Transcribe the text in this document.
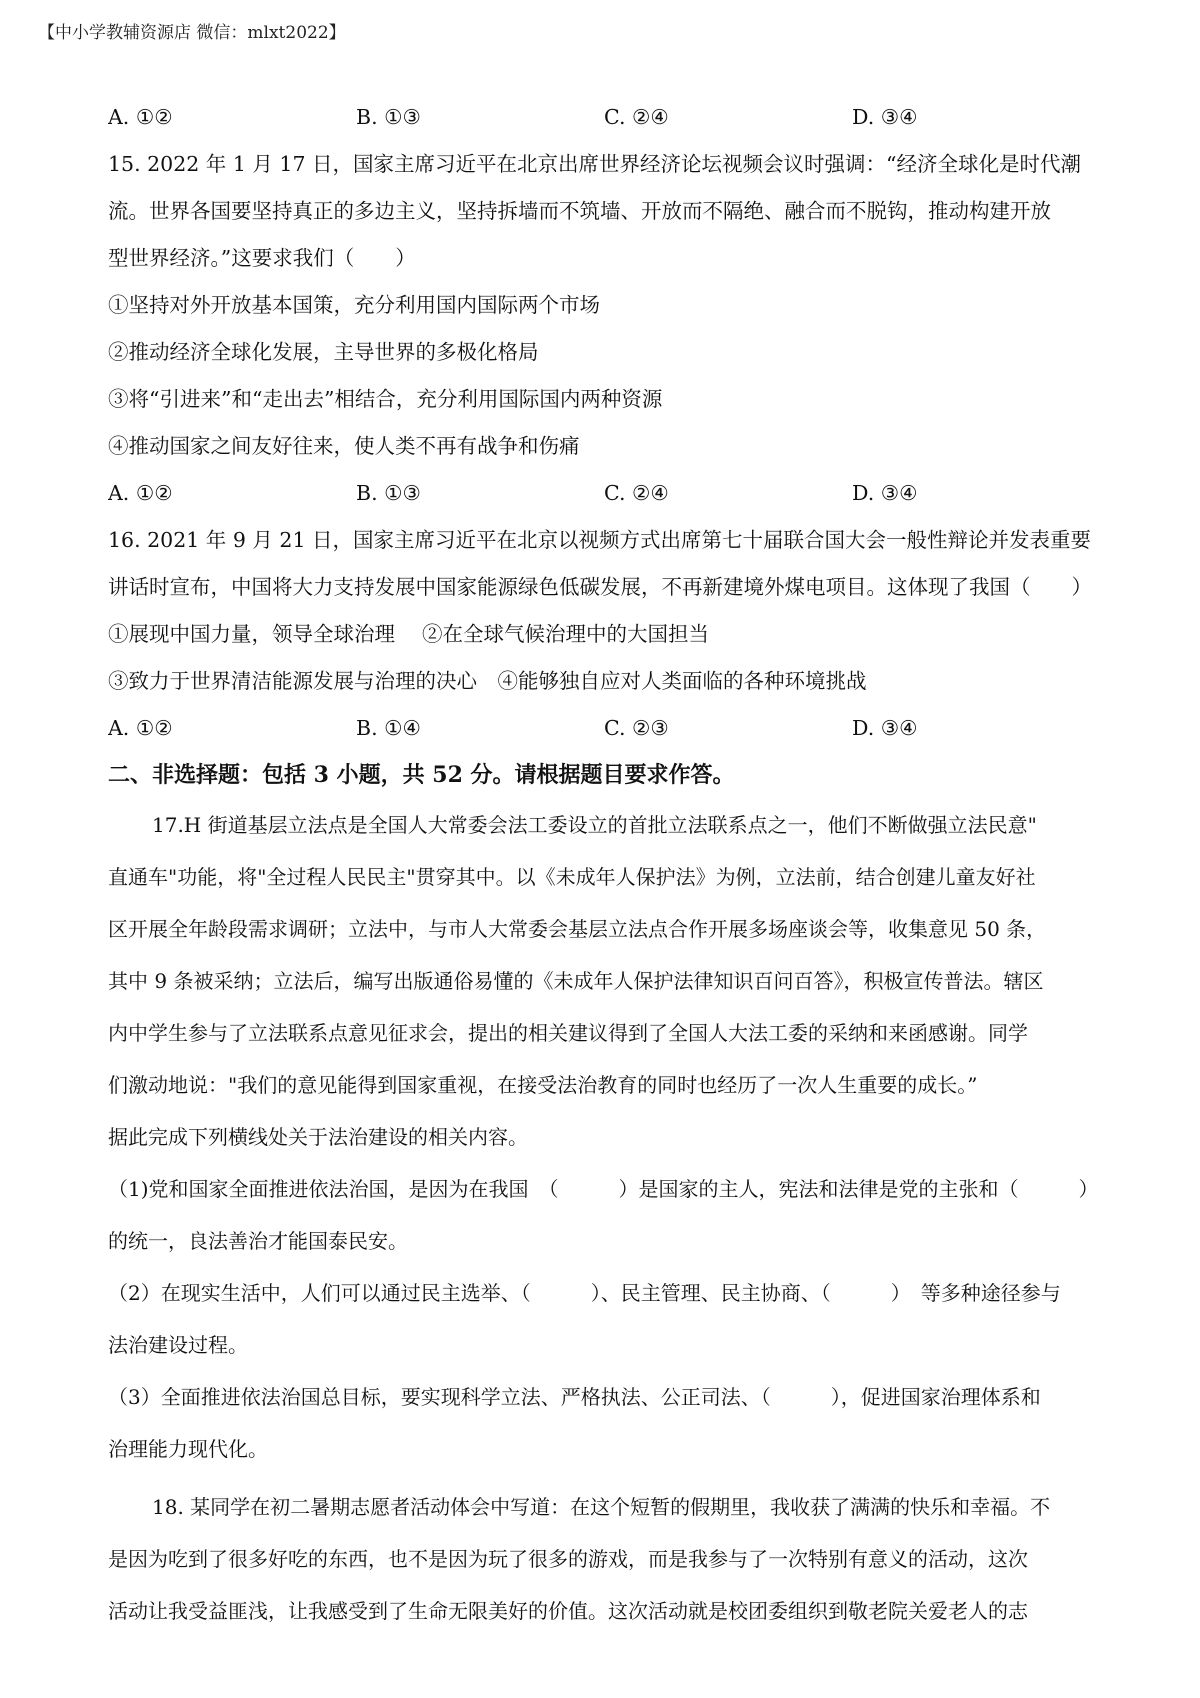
【中小学教辅资源店 微信：mlxt2022】
A. ①②	B. ①③	C. ②④	D. ③④
15. 2022 年 1 月 17 日，国家主席习近平在北京出席世界经济论坛视频会议时强调：“经济全球化是时代潮
流。世界各国要坚持真正的多边主义，坚持拆墙而不筑墙、开放而不隔绝、融合而不脱钩，推动构建开放
型世界经济。”这要求我们（　　）
①坚持对外开放基本国策，充分利用国内国际两个市场
②推动经济全球化发展，主导世界的多极化格局
③将“引进来”和“走出去”相结合，充分利用国际国内两种资源
④推动国家之间友好往来，使人类不再有战争和伤痛
A. ①②	B. ①③	C. ②④	D. ③④
16. 2021 年 9 月 21 日，国家主席习近平在北京以视频方式出席第七十届联合国大会一般性辩论并发表重要
讲话时宣布，中国将大力支持发展中国家能源绿色低碳发展，不再新建境外煤电项目。这体现了我国（　　）
①展现中国力量，领导全球治理　 ②在全球气候治理中的大国担当
③致力于世界清洁能源发展与治理的决心　④能够独自应对人类面临的各种环境挑战
A. ①②	B. ①④	C. ②③	D. ③④
二、非选择题：包括 3 小题，共 52 分。请根据题目要求作答。
17.H 街道基层立法点是全国人大常委会法工委设立的首批立法联系点之一，他们不断做强立法民意"
直通车"功能，将"全过程人民民主"贯穿其中。以《未成年人保护法》为例，立法前，结合创建儿童友好社
区开展全年龄段需求调研；立法中，与市人大常委会基层立法点合作开展多场座谈会等，收集意见 50 条，
其中 9 条被采纳；立法后，编写出版通俗易懂的《未成年人保护法律知识百问百答》，积极宣传普法。辖区
内中学生参与了立法联系点意见征求会，提出的相关建议得到了全国人大法工委的采纳和来函感谢。同学
们激动地说："我们的意见能得到国家重视，在接受法治教育的同时也经历了一次人生重要的成长。”
据此完成下列横线处关于法治建设的相关内容。
（1)党和国家全面推进依法治国，是因为在我国　（　　　）是国家的主人，宪法和法律是党的主张和（　　　）
的统一，良法善治才能国泰民安。
（2）在现实生活中，人们可以通过民主选举、（　　　）、民主管理、民主协商、（　　　）　等多种途径参与
法治建设过程。
（3）全面推进依法治国总目标，要实现科学立法、严格执法、公正司法、（　　　），促进国家治理体系和
治理能力现代化。
18. 某同学在初二暑期志愿者活动体会中写道：在这个短暂的假期里，我收获了满满的快乐和幸福。不
是因为吃到了很多好吃的东西，也不是因为玩了很多的游戏，而是我参与了一次特别有意义的活动，这次
活动让我受益匪浅，让我感受到了生命无限美好的价值。这次活动就是校团委组织到敬老院关爱老人的志
